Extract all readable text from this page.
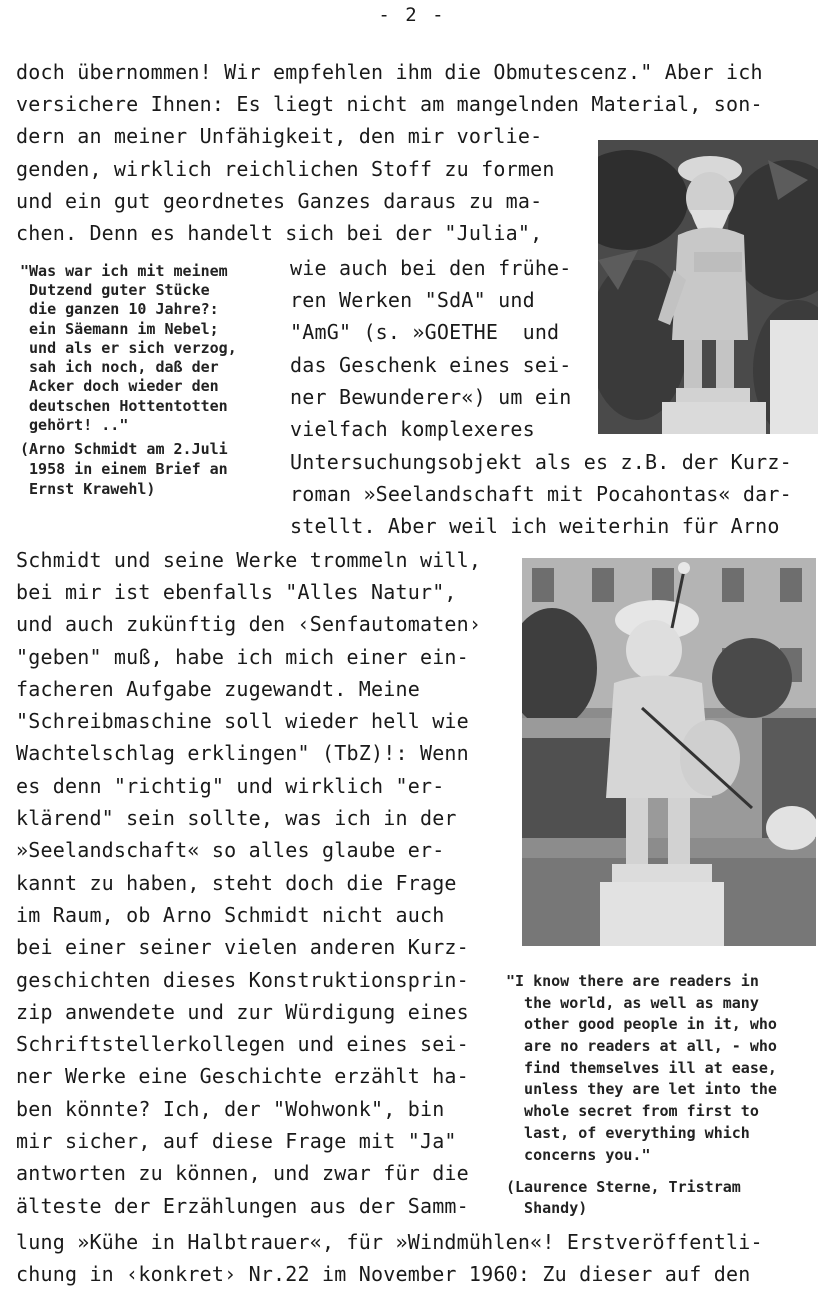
- 2 -
doch übernommen! Wir empfehlen ihm die Obmutescenz." Aber ich
versichere Ihnen: Es liegt nicht am mangelnden Material, son-
dern an meiner Unfähigkeit, den mir vorlie-
genden, wirklich reichlichen Stoff zu formen
und ein gut geordnetes Ganzes daraus zu ma-
chen. Denn es handelt sich bei der "Julia",
wie auch bei den frühe-
ren Werken "SdA" und
"AmG" (s. »GOETHE  und
das Geschenk eines sei-
ner Bewunderer«) um ein
vielfach komplexeres
Untersuchungsobjekt als es z.B. der Kurz-
roman »Seelandschaft mit Pocahontas« dar-
stellt. Aber weil ich weiterhin für Arno
"Was war ich mit meinem
Dutzend guter Stücke
die ganzen 10 Jahre?:
ein Säemann im Nebel;
und als er sich verzog,
sah ich noch, daß der
Acker doch wieder den
deutschen Hottentotten
gehört! .."
(Arno Schmidt am 2.Juli
1958 in einem Brief an
Ernst Krawehl)
Schmidt und seine Werke trommeln will,
bei mir ist ebenfalls "Alles Natur",
und auch zukünftig den ‹Senfautomaten›
"geben" muß, habe ich mich einer ein-
facheren Aufgabe zugewandt. Meine
"Schreibmaschine soll wieder hell wie
Wachtelschlag erklingen" (TbZ)!: Wenn
es denn "richtig" und wirklich "er-
klärend" sein sollte, was ich in der
»Seelandschaft« so alles glaube er-
kannt zu haben, steht doch die Frage
im Raum, ob Arno Schmidt nicht auch
bei einer seiner vielen anderen Kurz-
geschichten dieses Konstruktionsprin-
zip anwendete und zur Würdigung eines
Schriftstellerkollegen und eines sei-
ner Werke eine Geschichte erzählt ha-
ben könnte? Ich, der "Wohwonk", bin
mir sicher, auf diese Frage mit "Ja"
antworten zu können, und zwar für die
älteste der Erzählungen aus der Samm-
"I know there are readers in
the world, as well as many
other good people in it, who
are no readers at all, - who
find themselves ill at ease,
unless they are let into the
whole secret from first to
last, of everything which
concerns you."
(Laurence Sterne, Tristram
Shandy)
lung »Kühe in Halbtrauer«, für »Windmühlen«! Erstveröffentli-
chung in ‹konkret› Nr.22 im November 1960: Zu dieser auf den
